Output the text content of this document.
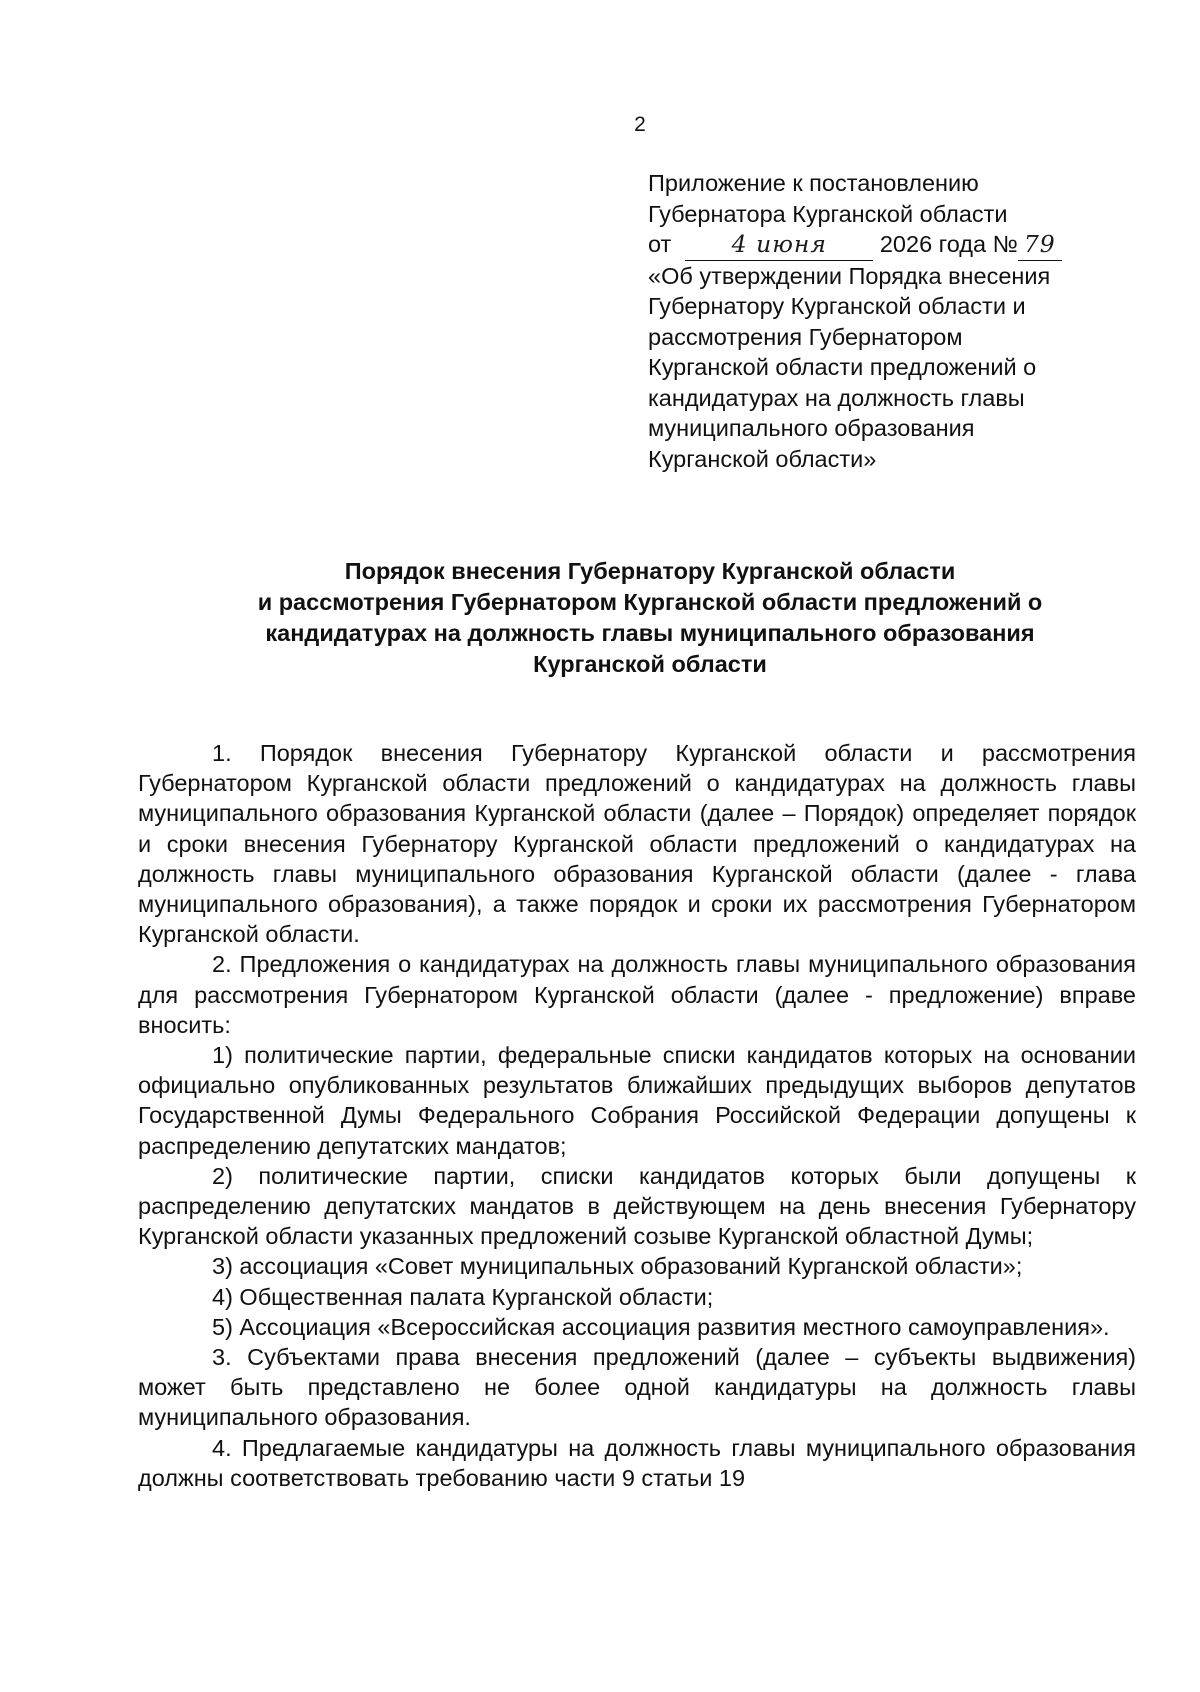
2
Приложение к постановлению
Губернатора Курганской области
от	4 июня 2026 года № 79
«Об утверждении Порядка внесения
Губернатору Курганской области и
рассмотрения Губернатором
Курганской области предложений о
кандидатурах на должность главы
муниципального образования
Курганской области»
Порядок внесения Губернатору Курганской области
и рассмотрения Губернатором Курганской области предложений о
кандидатурах на должность главы муниципального образования
Курганской области

1. Порядок внесения Губернатору Курганской области и рассмотрения Губернатором Курганской области предложений о кандидатурах на должность главы муниципального образования Курганской области (далее – Порядок) определяет порядок и сроки внесения Губернатору Курганской области предложений о кандидатурах на должность главы муниципального образования Курганской области (далее - глава муниципального образования), а также порядок и сроки их рассмотрения Губернатором Курганской области.

2. Предложения о кандидатурах на должность главы муниципального образования для рассмотрения Губернатором Курганской области (далее - предложение) вправе вносить:

1) политические партии, федеральные списки кандидатов которых на основании официально опубликованных результатов ближайших предыдущих выборов депутатов Государственной Думы Федерального Собрания Российской Федерации допущены к распределению депутатских мандатов;

2) политические партии, списки кандидатов которых были допущены к распределению депутатских мандатов в действующем на день внесения Губернатору Курганской области указанных предложений созыве Курганской областной Думы;

3) ассоциация «Совет муниципальных образований Курганской области»;

4) Общественная палата Курганской области;

5) Ассоциация «Всероссийская ассоциация развития местного самоуправления».

3. Субъектами права внесения предложений (далее – субъекты выдвижения) может быть представлено не более одной кандидатуры на должность главы муниципального образования.

4. Предлагаемые кандидатуры на должность главы муниципального образования должны соответствовать требованию части 9 статьи 19
